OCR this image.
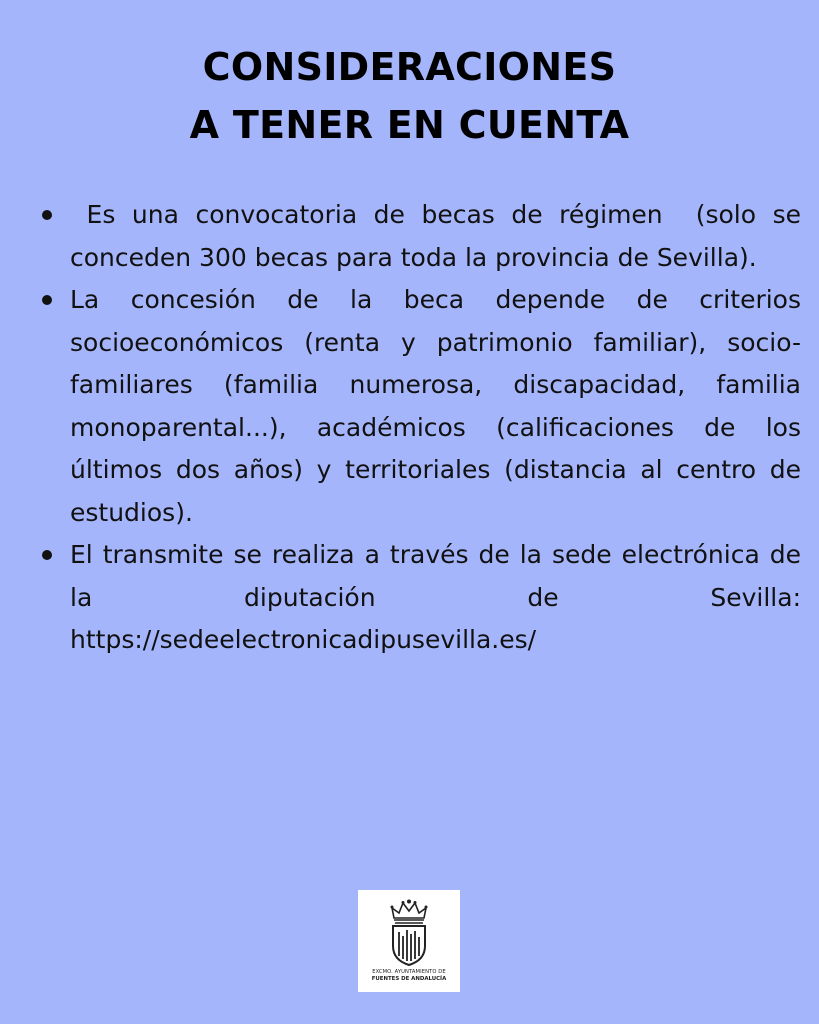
CONSIDERACIONES
A TENER EN CUENTA
Es una convocatoria de becas de régimen  (solo se conceden 300 becas para toda la provincia de Sevilla).
La concesión de la beca depende de criterios socioeconómicos (renta y patrimonio familiar), socio-familiares (familia numerosa, discapacidad, familia monoparental...), académicos (calificaciones de los últimos dos años) y territoriales (distancia al centro de estudios).
El transmite se realiza a través de la sede electrónica de la diputación de Sevilla: https://sedeelectronicadipusevilla.es/
EXCMO. AYUNTAMIENTO DE
FUENTES DE ANDALUCÍA
